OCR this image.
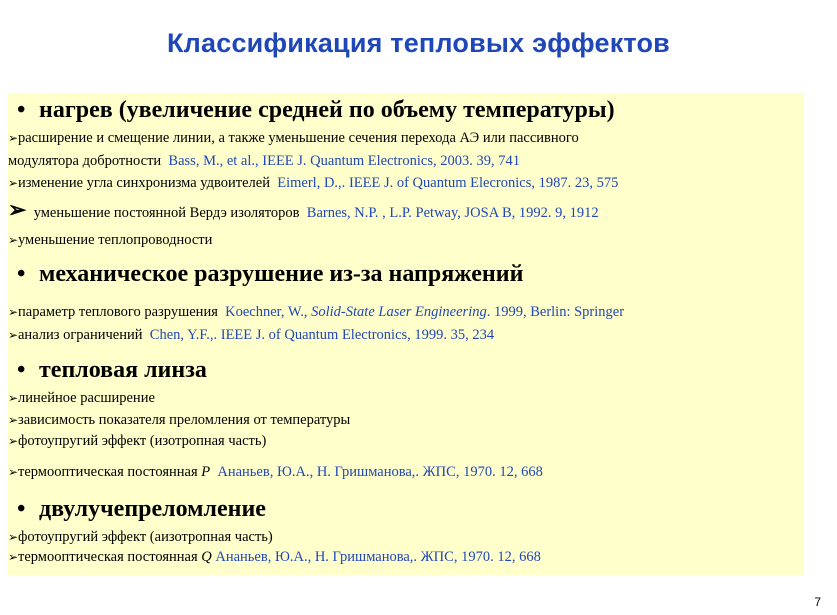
Классификация тепловых эффектов
• нагрев (увеличение средней по объему температуры)
➢расширение и смещение линии, а также уменьшение сечения перехода АЭ или пассивного
модулятора добротности Bass, M., et al., IEEE J. Quantum Electronics, 2003. 39, 741
➢изменение угла синхронизма удвоителей Eimerl, D.,. IEEE J. of Quantum Elecronics, 1987. 23, 575
➢ уменьшение постоянной Вердэ изоляторов Barnes, N.P. , L.P. Petway, JOSA B, 1992. 9, 1912
➢уменьшение теплопроводности
• механическое разрушение из-за напряжений
➢параметр теплового разрушения Koechner, W., Solid-State Laser Engineering. 1999, Berlin: Springer
➢анализ ограничений Chen, Y.F.,. IEEE J. of Quantum Electronics, 1999. 35, 234
• тепловая линза
➢линейное расширение
➢зависимость показателя преломления от температуры
➢фотоупругий эффект (изотропная часть)
➢термооптическая постоянная P Ананьев, Ю.А., Н. Гришманова,. ЖПС, 1970. 12, 668
• двулучепреломление
➢фотоупругий эффект (аизотропная часть)
➢термооптическая постоянная Q Ананьев, Ю.А., Н. Гришманова,. ЖПС, 1970. 12, 668
7
